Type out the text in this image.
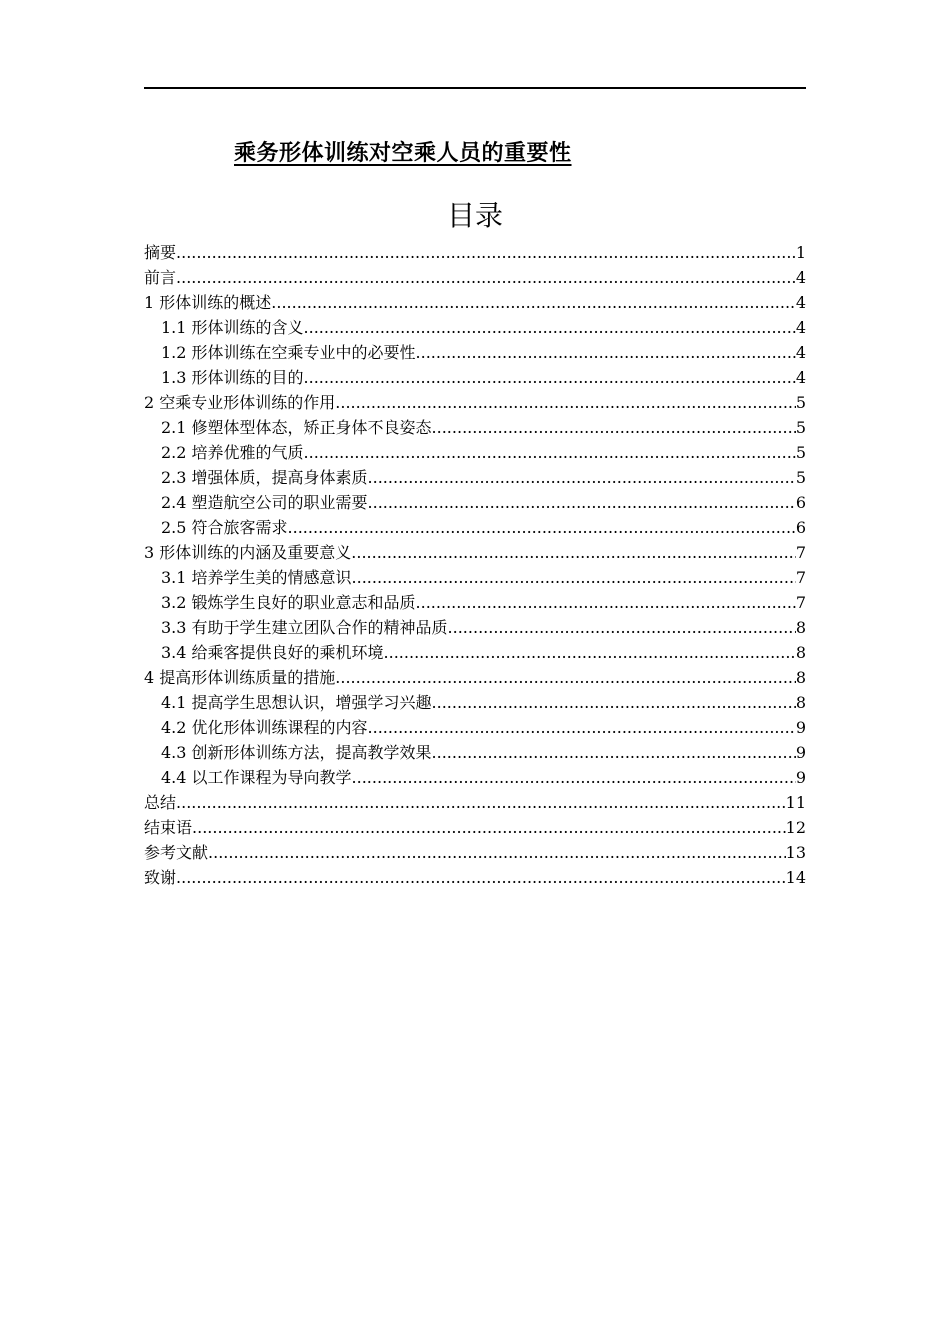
乘务形体训练对空乘人员的重要性
目录
摘要 .....	1
前言 .....	4
1 形体训练的概述 .....	4
1.1 形体训练的含义 .....	4
1.2 形体训练在空乘专业中的必要性 .....	4
1.3 形体训练的目的 .....	4
2 空乘专业形体训练的作用 .....	5
2.1 修塑体型体态，矫正身体不良姿态 .....	5
2.2 培养优雅的气质 .....	5
2.3 增强体质，提高身体素质 .....	5
2.4 塑造航空公司的职业需要 .....	6
2.5 符合旅客需求 .....	6
3 形体训练的内涵及重要意义 .....	7
3.1 培养学生美的情感意识 .....	7
3.2 锻炼学生良好的职业意志和品质 .....	7
3.3 有助于学生建立团队合作的精神品质 .....	8
3.4 给乘客提供良好的乘机环境 .....	8
4 提高形体训练质量的措施 .....	8
4.1 提高学生思想认识，增强学习兴趣 .....	8
4.2 优化形体训练课程的内容 .....	9
4.3 创新形体训练方法，提高教学效果 .....	9
4.4 以工作课程为导向教学 .....	9
总结 .....	11
结束语 .....	12
参考文献 .....	13
致谢 .....	14
